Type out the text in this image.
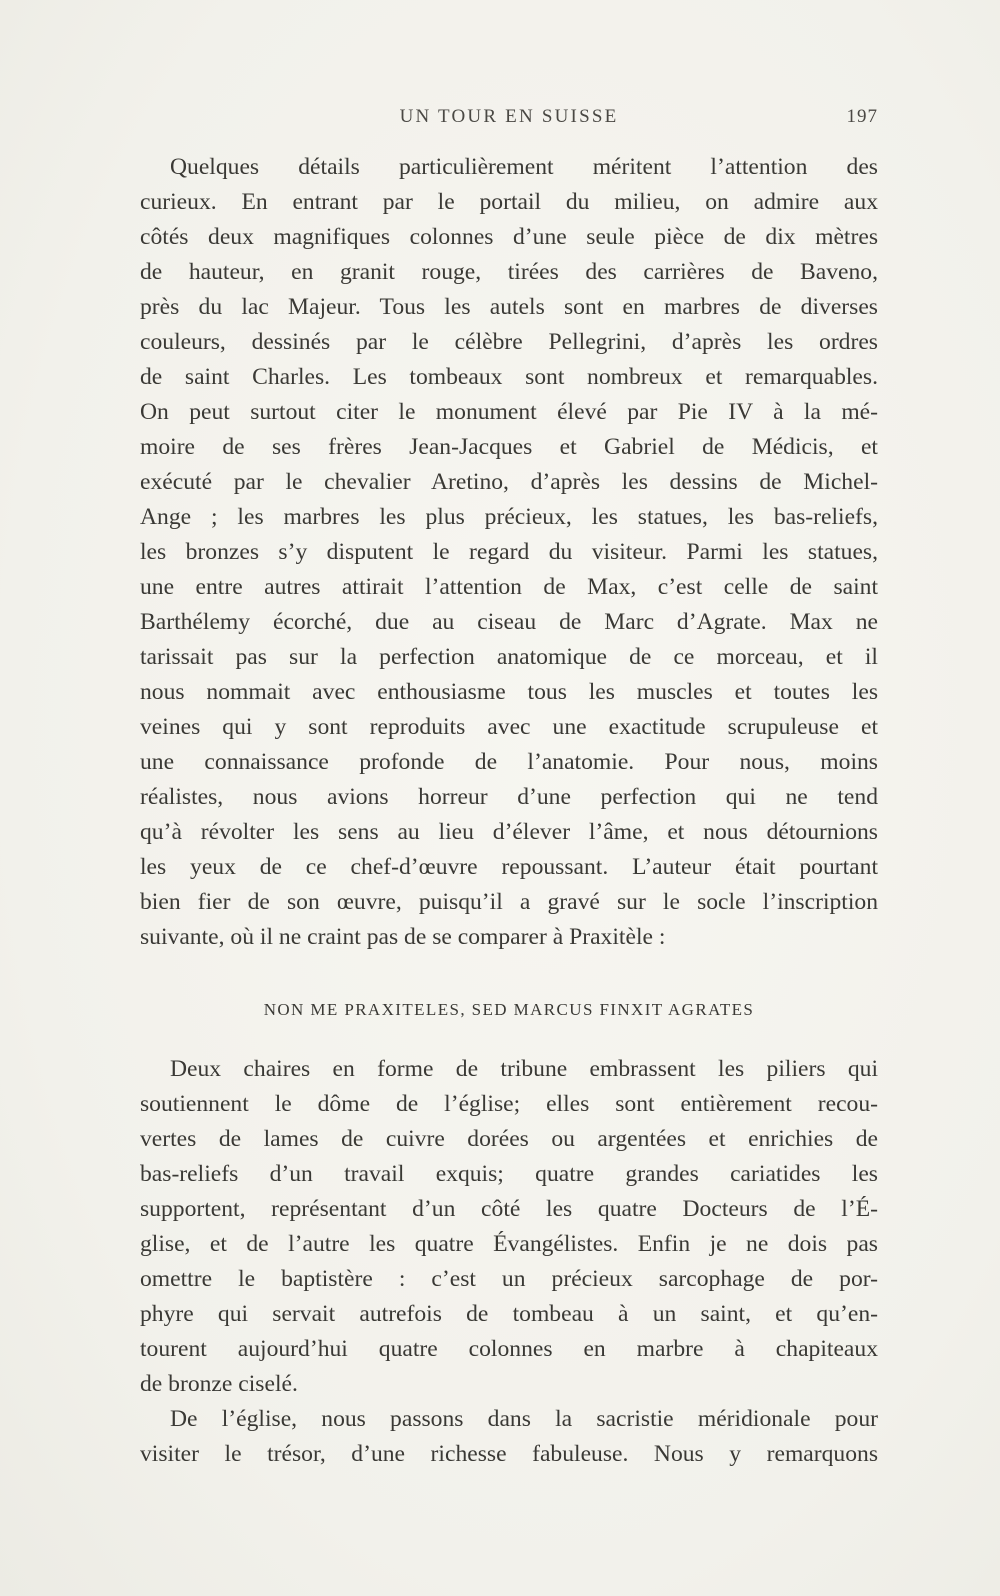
UN TOUR EN SUISSE	197
Quelques détails particulièrement méritent l’attention des
curieux. En entrant par le portail du milieu, on admire aux
côtés deux magnifiques colonnes d’une seule pièce de dix mètres
de hauteur, en granit rouge, tirées des carrières de Baveno,
près du lac Majeur. Tous les autels sont en marbres de diverses
couleurs, dessinés par le célèbre Pellegrini, d’après les ordres
de saint Charles. Les tombeaux sont nombreux et remarquables.
On peut surtout citer le monument élevé par Pie IV à la mé-
moire de ses frères Jean-Jacques et Gabriel de Médicis, et
exécuté par le chevalier Aretino, d’après les dessins de Michel-
Ange ; les marbres les plus précieux, les statues, les bas-reliefs,
les bronzes s’y disputent le regard du visiteur. Parmi les statues,
une entre autres attirait l’attention de Max, c’est celle de saint
Barthélemy écorché, due au ciseau de Marc d’Agrate. Max ne
tarissait pas sur la perfection anatomique de ce morceau, et il
nous nommait avec enthousiasme tous les muscles et toutes les
veines qui y sont reproduits avec une exactitude scrupuleuse et
une connaissance profonde de l’anatomie. Pour nous, moins
réalistes, nous avions horreur d’une perfection qui ne tend
qu’à révolter les sens au lieu d’élever l’âme, et nous détournions
les yeux de ce chef-d’œuvre repoussant. L’auteur était pourtant
bien fier de son œuvre, puisqu’il a gravé sur le socle l’inscription
suivante, où il ne craint pas de se comparer à Praxitèle :
NON ME PRAXITELES, SED MARCUS FINXIT AGRATES
Deux chaires en forme de tribune embrassent les piliers qui
soutiennent le dôme de l’église; elles sont entièrement recou-
vertes de lames de cuivre dorées ou argentées et enrichies de
bas-reliefs d’un travail exquis; quatre grandes cariatides les
supportent, représentant d’un côté les quatre Docteurs de l’É-
glise, et de l’autre les quatre Évangélistes. Enfin je ne dois pas
omettre le baptistère : c’est un précieux sarcophage de por-
phyre qui servait autrefois de tombeau à un saint, et qu’en-
tourent aujourd’hui quatre colonnes en marbre à chapiteaux
de bronze ciselé.
De l’église, nous passons dans la sacristie méridionale pour
visiter le trésor, d’une richesse fabuleuse. Nous y remarquons
